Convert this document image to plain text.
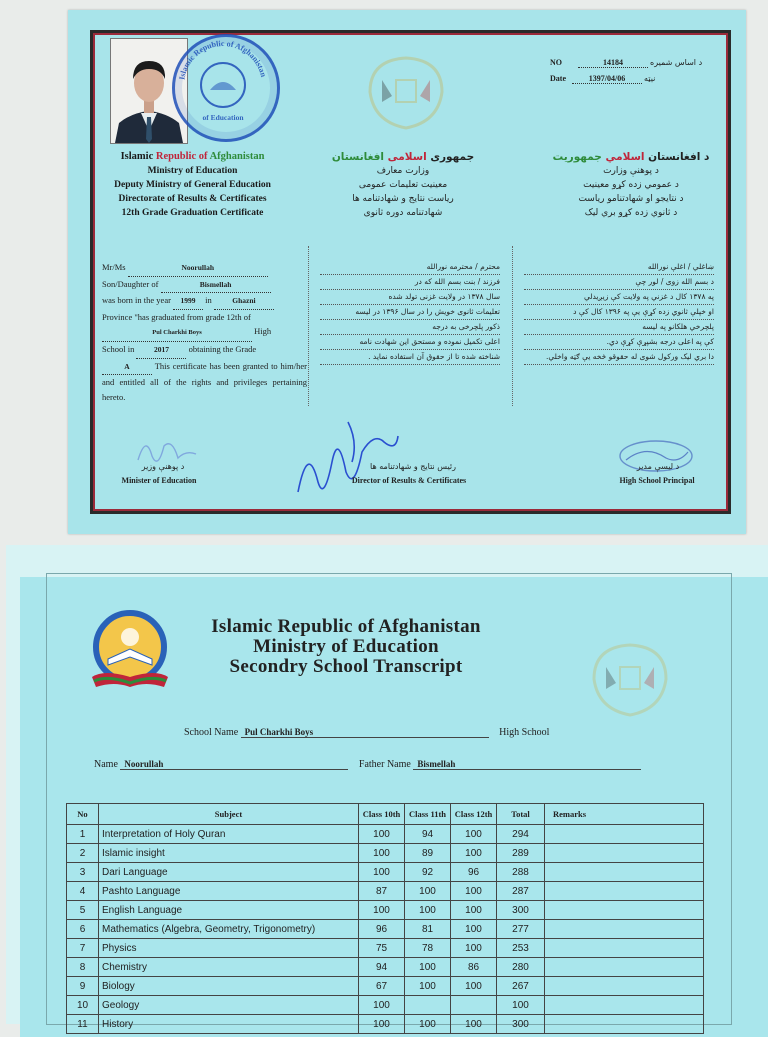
Islamic Republic of Afghanistan
of Education
NO	14184	د اساس شمیره
Date	1397/04/06 نیټه
Islamic Republic of Afghanistan
Ministry of Education
Deputy Ministry of General Education
Directorate of Results & Certificates
12th Grade Graduation Certificate
جمهوری اسلامی افغانستان
وزارت معارف
معینیت تعلیمات عمومی
ریاست نتایج و شهادتنامه ها
شهادتنامه دوره ثانوی
د افغانستان اسلامي جمهوريت
د پوهنې وزارت
د عمومي زده کړو معينيت
د نتايجو او شهادتنامو رياست
د ثانوي زده کړو بري ليک
Mr/Ms	Noorullah
Son/Daughter of	Bismellah
was born in the year 1999 in	Ghazni
Province "has graduated from grade 12th of
Pul Charkhi Boys	High
School in	2017 obtaining the Grade
A	This certificate has been granted to him/her and entitled all of the rights and privileges pertaining hereto.
محترم / محترمه نورالله
فرزند / بنت بسم الله که در
سال ۱۳۷۸ در ولایت غزنی تولد شده
تعلیمات ثانوی خویش را در سال ۱۳۹۶ در لیسه
ذکور پلچرخی به درجه
اعلی تکمیل نموده و مستحق این شهادت نامه
شناخته شده تا از حقوق آن استفاده نماید .
ښاغلي / اغلې نورالله
د بسم الله زوی / لور چې
په ۱۳۷۸ کال د غزني په ولايت کې زیږيدلي
او خپلې ثانوي زده کړې يې په ۱۳۹۶ کال کې د
پلچرخي هلکانو په ليسه
کې په اعلى درجه بشپړې کړې دي.
دا بري ليک ورکول شوی له حقوقو څخه يې ګټه واخلي.
د پوهنې وزير
Minister of Education
رئیس نتایج و شهادتنامه ها
Director of Results & Certificates
د ليسې مدير
High School Principal
Islamic Republic of Afghanistan
Ministry of Education
Secondry School Transcript
School Name Pul Charkhi Boys	High School
Name Noorullah	Father Name Bismellah
No	Subject	Class 10th	Class 11th	Class 12th	Total	Remarks
1	Interpretation of Holy Quran	100	94	100	294	
2	Islamic insight	100	89	100	289	
3	Dari Language	100	92	96	288	
4	Pashto Language	87	100	100	287	
5	English Language	100	100	100	300	
6	Mathematics (Algebra, Geometry, Trigonometry)	96	81	100	277	
7	Physics	75	78	100	253	
8	Chemistry	94	100	86	280	
9	Biology	67	100	100	267	
10	Geology	100			100	
11	History	100	100	100	300	
